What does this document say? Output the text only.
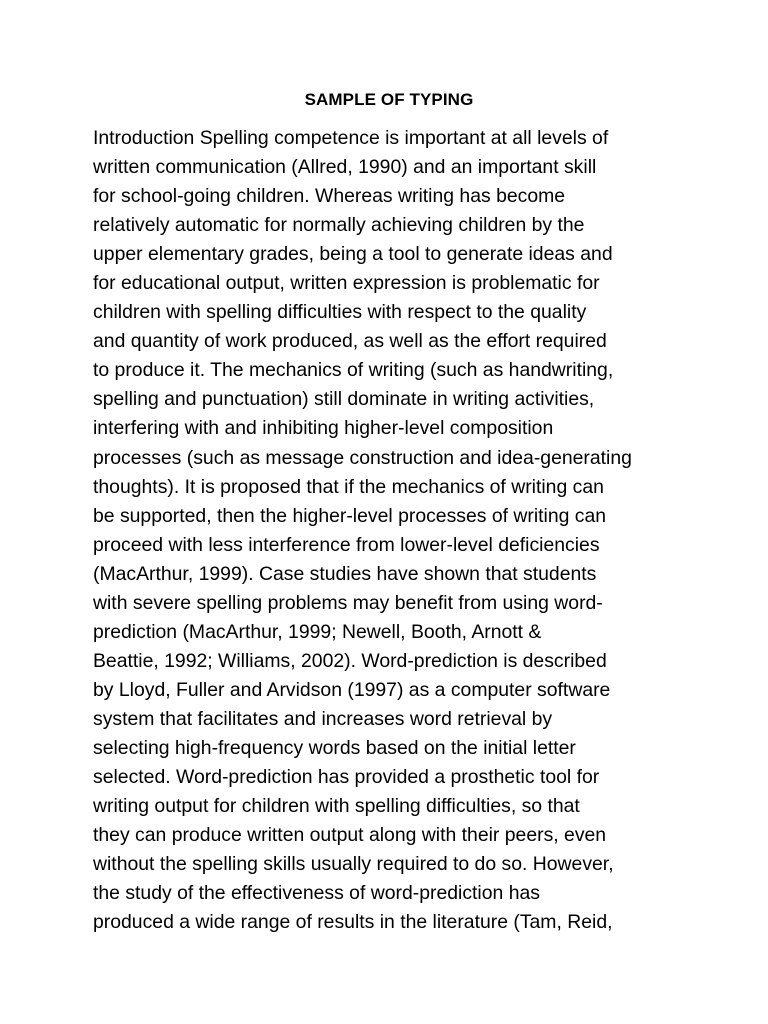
SAMPLE OF TYPING
Introduction Spelling competence is important at all levels of
written communication (Allred, 1990) and an important skill
for school-going children. Whereas writing has become
relatively automatic for normally achieving children by the
upper elementary grades, being a tool to generate ideas and
for educational output, written expression is problematic for
children with spelling difficulties with respect to the quality
and quantity of work produced, as well as the effort required
to produce it. The mechanics of writing (such as handwriting,
spelling and punctuation) still dominate in writing activities,
interfering with and inhibiting higher-level composition
processes (such as message construction and idea-generating
thoughts). It is proposed that if the mechanics of writing can
be supported, then the higher-level processes of writing can
proceed with less interference from lower-level deficiencies
(MacArthur, 1999). Case studies have shown that students
with severe spelling problems may benefit from using word-
prediction (MacArthur, 1999; Newell, Booth, Arnott &
Beattie, 1992; Williams, 2002). Word-prediction is described
by Lloyd, Fuller and Arvidson (1997) as a computer software
system that facilitates and increases word retrieval by
selecting high-frequency words based on the initial letter
selected. Word-prediction has provided a prosthetic tool for
writing output for children with spelling difficulties, so that
they can produce written output along with their peers, even
without the spelling skills usually required to do so. However,
the study of the effectiveness of word-prediction has
produced a wide range of results in the literature (Tam, Reid,
